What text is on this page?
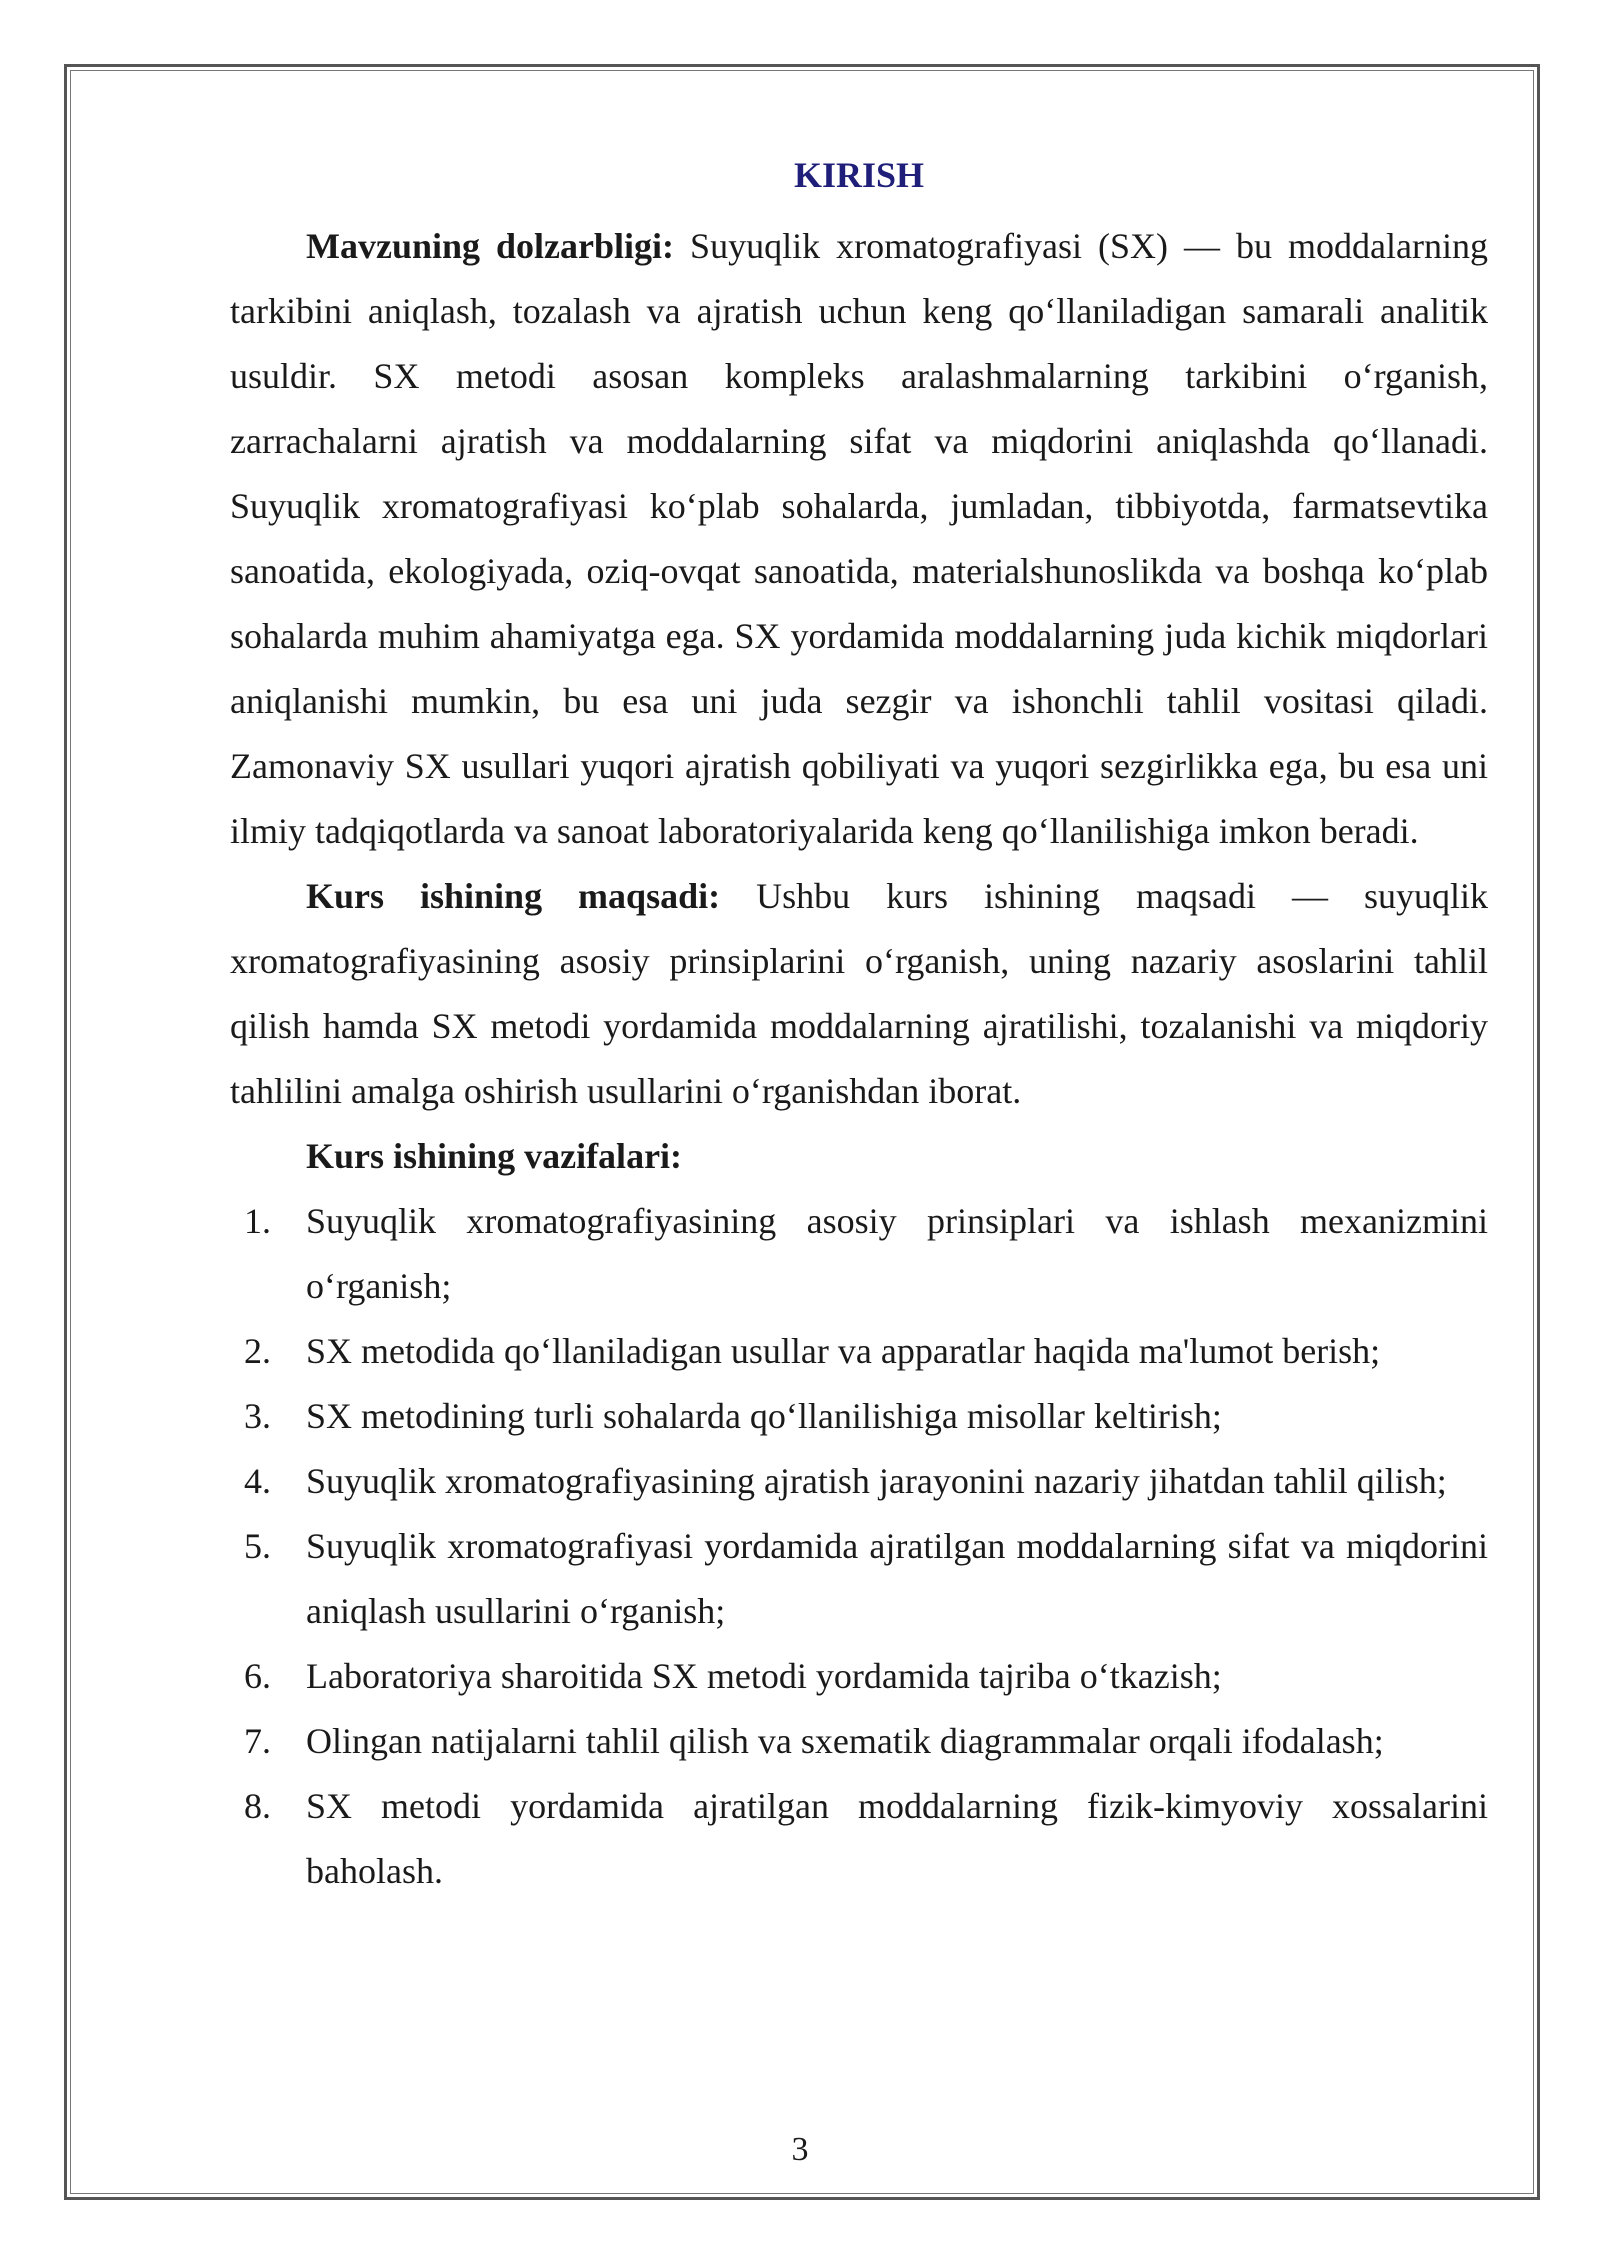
KIRISH

Mavzuning dolzarbligi: Suyuqlik xromatografiyasi (SX) — bu moddalarning tarkibini aniqlash, tozalash va ajratish uchun keng qo‘llaniladigan samarali analitik usuldir. SX metodi asosan kompleks aralashmalarning tarkibini o‘rganish, zarrachalarni ajratish va moddalarning sifat va miqdorini aniqlashda qo‘llanadi. Suyuqlik xromatografiyasi ko‘plab sohalarda, jumladan, tibbiyotda, farmatsevtika sanoatida, ekologiyada, oziq-ovqat sanoatida, materialshunoslikda va boshqa ko‘plab sohalarda muhim ahamiyatga ega. SX yordamida moddalarning juda kichik miqdorlari aniqlanishi mumkin, bu esa uni juda sezgir va ishonchli tahlil vositasi qiladi. Zamonaviy SX usullari yuqori ajratish qobiliyati va yuqori sezgirlikka ega, bu esa uni ilmiy tadqiqotlarda va sanoat laboratoriyalarida keng qo‘llanilishiga imkon beradi.

Kurs ishining maqsadi: Ushbu kurs ishining maqsadi — suyuqlik xromatografiyasining asosiy prinsiplarini o‘rganish, uning nazariy asoslarini tahlil qilish hamda SX metodi yordamida moddalarning ajratilishi, tozalanishi va miqdoriy tahlilini amalga oshirish usullarini o‘rganishdan iborat.

Kurs ishining vazifalari:

1. Suyuqlik xromatografiyasining asosiy prinsiplari va ishlash mexanizmini o‘rganish;
2. SX metodida qo‘llaniladigan usullar va apparatlar haqida ma'lumot berish;
3. SX metodining turli sohalarda qo‘llanilishiga misollar keltirish;
4. Suyuqlik xromatografiyasining ajratish jarayonini nazariy jihatdan tahlil qilish;
5. Suyuqlik xromatografiyasi yordamida ajratilgan moddalarning sifat va miqdorini aniqlash usullarini o‘rganish;
6. Laboratoriya sharoitida SX metodi yordamida tajriba o‘tkazish;
7. Olingan natijalarni tahlil qilish va sxematik diagrammalar orqali ifodalash;
8. SX metodi yordamida ajratilgan moddalarning fizik-kimyoviy xossalarini baholash.
3
